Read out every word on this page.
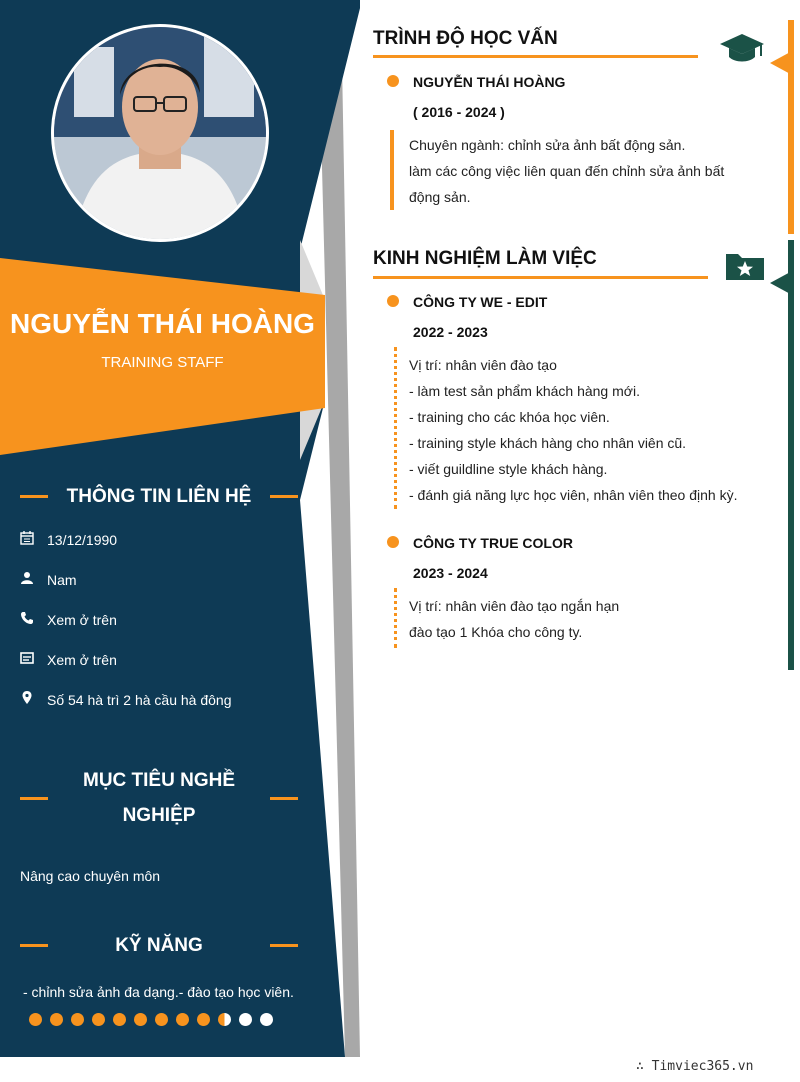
NGUYỄN THÁI HOÀNG
TRAINING STAFF
THÔNG TIN LIÊN HỆ
13/12/1990
Nam
Xem ở trên
Xem ở trên
Số 54 hà trì 2 hà cầu hà đông
MỤC TIÊU NGHỀ
NGHIỆP
Nâng cao chuyên môn
KỸ NĂNG
- chỉnh sửa ảnh đa dạng.- đào tạo học viên.
TRÌNH ĐỘ HỌC VẤN
NGUYỄN THÁI HOÀNG
( 2016 - 2024 )
Chuyên ngành: chỉnh sửa ảnh bất động sản.
làm các công việc liên quan đến chỉnh sửa ảnh bất
động sản.
KINH NGHIỆM LÀM VIỆC
CÔNG TY WE - EDIT
2022 - 2023
Vị trí: nhân viên đào tạo
- làm test sản phẩm khách hàng mới.
- training cho các khóa học viên.
- training style khách hàng cho nhân viên cũ.
- viết guildline style khách hàng.
- đánh giá năng lực học viên, nhân viên theo định kỳ.
CÔNG TY TRUE COLOR
2023 - 2024
Vị trí: nhân viên đào tạo ngắn hạn
đào tạo 1 Khóa cho công ty.
∴ Timviec365.vn
